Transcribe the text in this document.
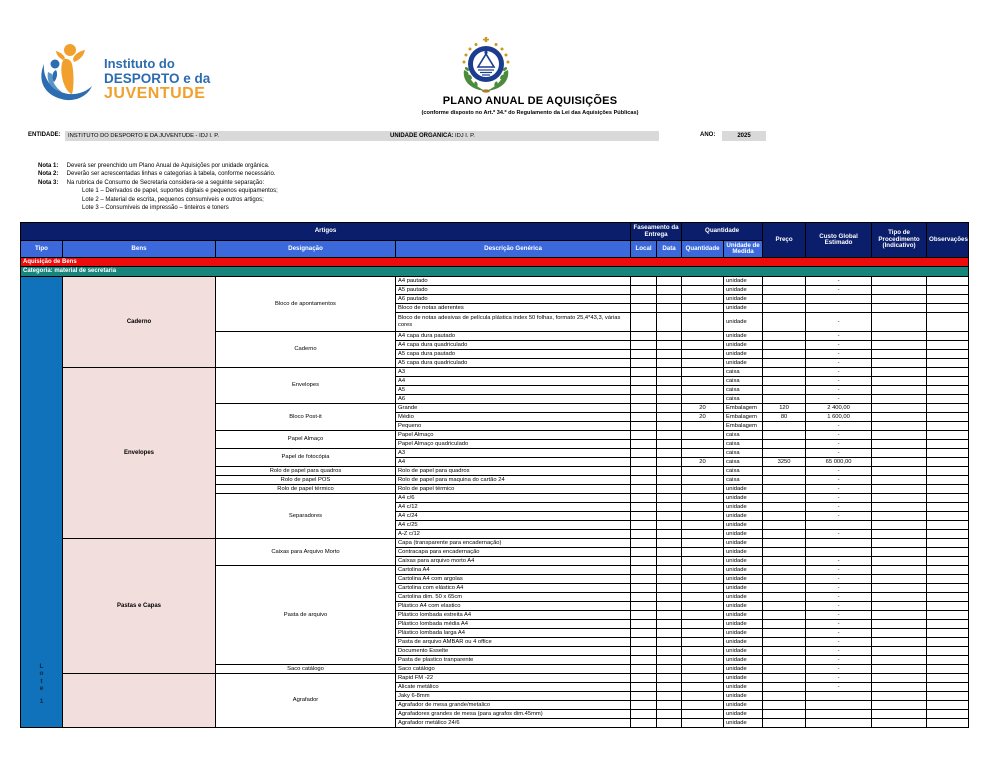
Instituto do
DESPORTO e da
JUVENTUDE	PLANO ANUAL DE AQUISIÇÕES
(conforme disposto no Art.º 34.º do Regulamento da Lei das Aquisições Públicas)
ENTIDADE: INSTITUTO DO DESPORTO E DA JUVENTUDE - IDJ I. P.	UNIDADE ORGANICA: IDJ I. P.	ANO:	2025
Nota 1: Deverá ser preenchido um Plano Anual de Aquisições por unidade orgânica.
Nota 2: Deverão ser acrescentadas linhas e categorias à tabela, conforme necessário.
Nota 3: Na rubrica de Consumo de Secretaria considera-se a seguinte separação:
Lote 1 – Derivados de papel, suportes digitais e pequenos equipamentos;
Lote 2 – Material de escrita, pequenos consumíveis e outros artigos;
Lote 3 – Consumíveis de impressão – tinteiros e toners
Artigos				Faseamento da Entrega		Quantidade		Preço	Custo Global Estimado	Tipo de Procedimento (Indicativo)	Observações
Tipo	Bens	Designação	Descrição Genérica	Local	Data	Quantidade	Unidade de Medida				
Aquisição de Bens											
Categoria: material de secretaria											

L
o
t
e
1	Caderno	Bloco de apontamentos	A4 pautado				unidade		-		
			A5 pautado				unidade		-		
			A6 pautado				unidade				
			Bloco de notas aderentes				unidade				
			Bloco de notas adesivas de película plástica index 50 folhas, formato 25,4*43,3, várias cores				unidade		-		
		Caderno	A4 capa dura pautado				unidade		-		
			A4 capa dura quadriculado				unidade		-		
			A5 capa dura pautado				unidade		-		
			A5 capa dura quadriculado				unidade		-		
	Envelopes	Envelopes	A3				caixa		-		
			A4				caixa		-		
			A5				caixa		-		
			A6				caixa		-		
		Bloco Post-it	Grande			20	Embalagem	120	2 400,00		
			Médio			20	Embalagem	80	1 600,00		
			Pequeno				Embalagem		-		
		Papel Almaço	Papel Almaço				caixa		-		
			Papel Almaço quadriculado				caixa		-		
		Papel de fotocópia	A3				caixa		-		
			A4			20	caixa	3250	65 000,00		
		Rolo de papel para quadros	Rolo de papel para quadros				caixa		-		
		Rolo de papel POS	Rolo de papel para maquina do cartão 24				caixa		-		
		Rolo de papel térmico	Rolo de papel térmico				unidade		-		
		Separadores	A4 c/6				unidade		-		
			A4 c/12				unidade		-		
			A4 c/24				unidade		-		
			A4 c/25				unidade				
			A-Z c/12				unidade		-		
	Pastas e Capas	Caixas para Arquivo Morto	Capa (transparente para encadernação)				unidade				
			Contracapa para encadernação				unidade				
			Caixas para arquivo morto A4				unidade		-		
		Pasta de arquivo	Cartolina A4				unidade		-		
			Cartolina A4 com argolas				unidade		-		
			Cartolina com elástico A4				unidade		-		
			Cartolina dim. 50 x 65cm				unidade		-		
			Plástico A4 com elastico				unidade		-		
			Plástico lombada estreita A4				unidade		-		
			Plástico lombada média A4				unidade		-		
			Plástico lombada larga A4				unidade		-		
			Pasta de arquivo AMBAR ou 4 office				unidade		-		
			Documento Esselte				unidade		-		
			Pasta de plastico tranparente				unidade		-		
		Saco catálogo	Saco catálogo				unidade		-		
		Agrafador	Rapid FM -22				unidade		-		
			Alicate metálico				unidade		-		
			Jaky 6-8mm				unidade				
			Agrafador de mesa grande/metalico				unidade				
			Agrafadores grandes de mesa (para agrafos dim.45mm)				unidade				
			Agrafador metálico 24/6				unidade				
